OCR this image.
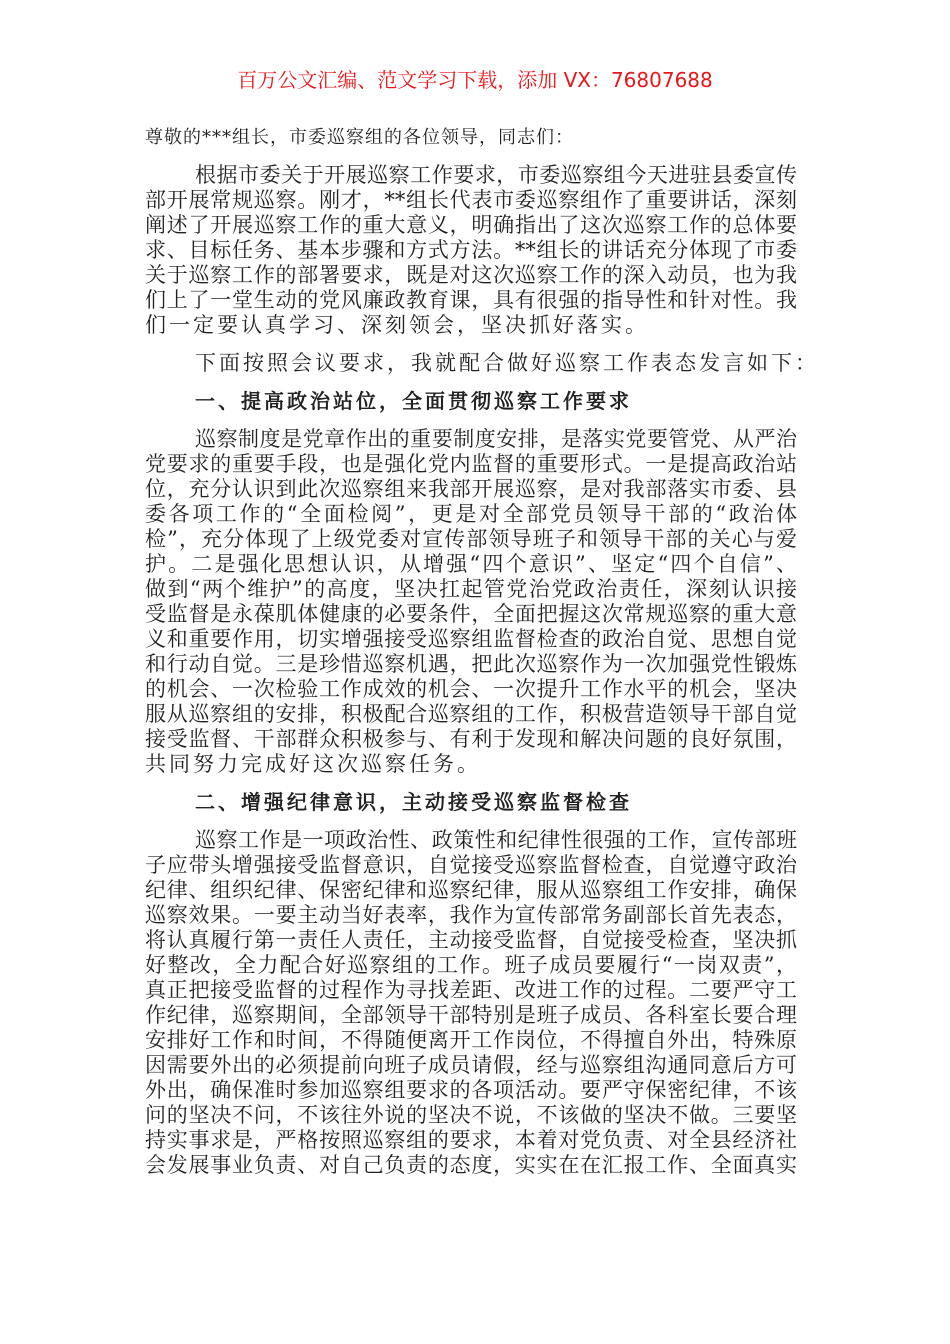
百万公文汇编、范文学习下载，添加 VX：76807688
尊敬的***组长，市委巡察组的各位领导，同志们：
根据市委关于开展巡察工作要求，市委巡察组今天进驻县委宣传
部开展常规巡察。刚才，**组长代表市委巡察组作了重要讲话，深刻
阐述了开展巡察工作的重大意义，明确指出了这次巡察工作的总体要
求、目标任务、基本步骤和方式方法。**组长的讲话充分体现了市委
关于巡察工作的部署要求，既是对这次巡察工作的深入动员，也为我
们上了一堂生动的党风廉政教育课，具有很强的指导性和针对性。我
们一定要认真学习、深刻领会，坚决抓好落实。
下面按照会议要求，我就配合做好巡察工作表态发言如下：
一、提高政治站位，全面贯彻巡察工作要求
巡察制度是党章作出的重要制度安排，是落实党要管党、从严治
党要求的重要手段，也是强化党内监督的重要形式。一是提高政治站
位，充分认识到此次巡察组来我部开展巡察，是对我部落实市委、县
委各项工作的“全面检阅”，更是对全部党员领导干部的“政治体
检”，充分体现了上级党委对宣传部领导班子和领导干部的关心与爱
护。二是强化思想认识，从增强“四个意识”、坚定“四个自信”、
做到“两个维护”的高度，坚决扛起管党治党政治责任，深刻认识接
受监督是永葆肌体健康的必要条件，全面把握这次常规巡察的重大意
义和重要作用，切实增强接受巡察组监督检查的政治自觉、思想自觉
和行动自觉。三是珍惜巡察机遇，把此次巡察作为一次加强党性锻炼
的机会、一次检验工作成效的机会、一次提升工作水平的机会，坚决
服从巡察组的安排，积极配合巡察组的工作，积极营造领导干部自觉
接受监督、干部群众积极参与、有利于发现和解决问题的良好氛围，
共同努力完成好这次巡察任务。
二、增强纪律意识，主动接受巡察监督检查
巡察工作是一项政治性、政策性和纪律性很强的工作，宣传部班
子应带头增强接受监督意识，自觉接受巡察监督检查，自觉遵守政治
纪律、组织纪律、保密纪律和巡察纪律，服从巡察组工作安排，确保
巡察效果。一要主动当好表率，我作为宣传部常务副部长首先表态，
将认真履行第一责任人责任，主动接受监督，自觉接受检查，坚决抓
好整改，全力配合好巡察组的工作。班子成员要履行“一岗双责”，
真正把接受监督的过程作为寻找差距、改进工作的过程。二要严守工
作纪律，巡察期间，全部领导干部特别是班子成员、各科室长要合理
安排好工作和时间，不得随便离开工作岗位，不得擅自外出，特殊原
因需要外出的必须提前向班子成员请假，经与巡察组沟通同意后方可
外出，确保准时参加巡察组要求的各项活动。要严守保密纪律，不该
问的坚决不问，不该往外说的坚决不说，不该做的坚决不做。三要坚
持实事求是，严格按照巡察组的要求，本着对党负责、对全县经济社
会发展事业负责、对自己负责的态度，实实在在汇报工作、全面真实
